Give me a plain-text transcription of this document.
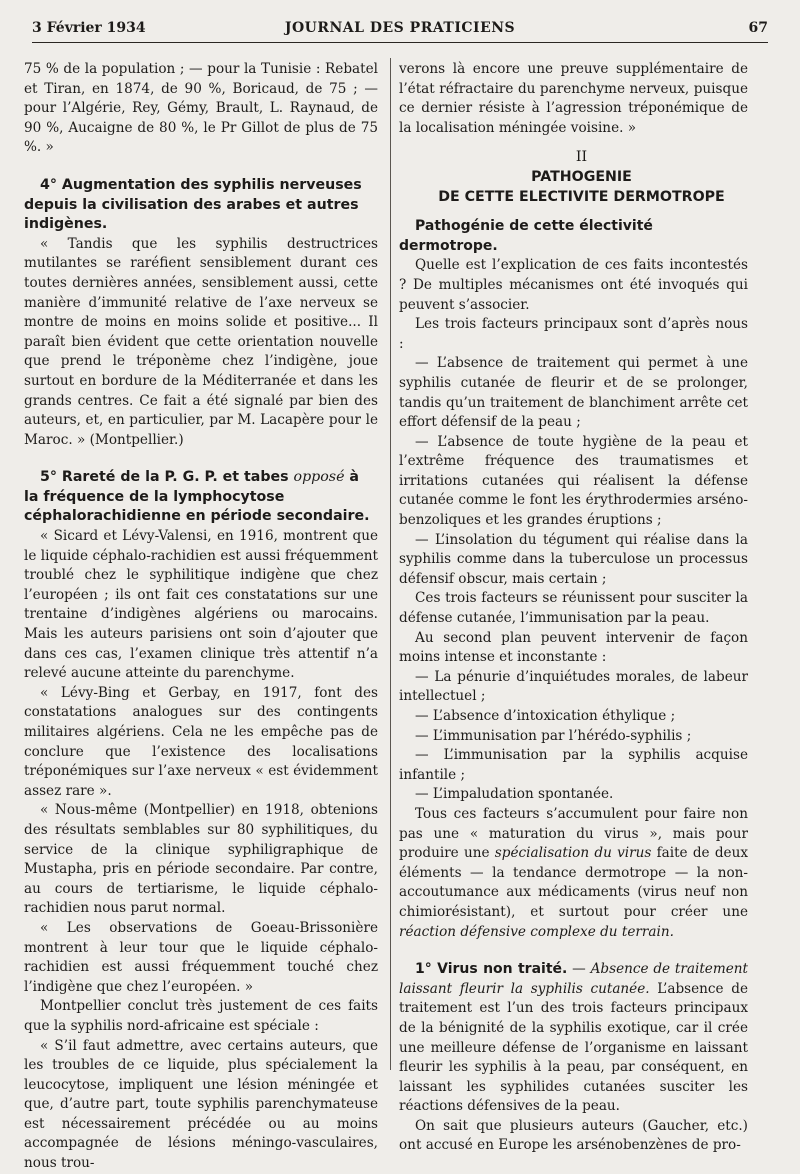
3 Février 1934	JOURNAL DES PRATICIENS	67

75 % de la population ; — pour la Tunisie : Rebatel et Tiran, en 1874, de 90 %, Boricaud, de 75 ; — pour l’Algérie, Rey, Gémy, Brault, L. Raynaud, de 90 %, Aucaigne de 80 %, le Pr Gillot de plus de 75 %. »

4° Augmentation des syphilis nerveuses depuis la civilisation des arabes et autres indigènes.

« Tandis que les syphilis destructrices mutilantes se raréfient sensiblement durant ces toutes dernières années, sensiblement aussi, cette manière d’immunité relative de l’axe nerveux se montre de moins en moins solide et positive... Il paraît bien évident que cette orientation nouvelle que prend le tréponème chez l’indigène, joue surtout en bordure de la Méditerranée et dans les grands centres. Ce fait a été signalé par bien des auteurs, et, en particulier, par M. Lacapère pour le Maroc. » (Montpellier.)

5° Rareté de la P. G. P. et tabes opposé à la fréquence de la lymphocytose céphalorachidienne en période secondaire.

« Sicard et Lévy-Valensi, en 1916, montrent que le liquide céphalo-rachidien est aussi fréquemment troublé chez le syphilitique indigène que chez l’européen ; ils ont fait ces constatations sur une trentaine d’indigènes algériens ou marocains. Mais les auteurs parisiens ont soin d’ajouter que dans ces cas, l’examen clinique très attentif n’a relevé aucune atteinte du parenchyme.

« Lévy-Bing et Gerbay, en 1917, font des constatations analogues sur des contingents militaires algériens. Cela ne les empêche pas de conclure que l’existence des localisations tréponémiques sur l’axe nerveux « est évidemment assez rare ».

« Nous-même (Montpellier) en 1918, obtenions des résultats semblables sur 80 syphilitiques, du service de la clinique syphiligraphique de Mustapha, pris en période secondaire. Par contre, au cours de tertiarisme, le liquide céphalo-rachidien nous parut normal.

« Les observations de Goeau-Brissonière montrent à leur tour que le liquide céphalo-rachidien est aussi fréquemment touché chez l’indigène que chez l’européen. »

Montpellier conclut très justement de ces faits que la syphilis nord-africaine est spéciale :

« S’il faut admettre, avec certains auteurs, que les troubles de ce liquide, plus spécialement la leucocytose, impliquent une lésion méningée et que, d’autre part, toute syphilis parenchymateuse est nécessairement précédée ou au moins accompagnée de lésions méningo-vasculaires, nous trou-

verons là encore une preuve supplémentaire de l’état réfractaire du parenchyme nerveux, puisque ce dernier résiste à l’agression tréponémique de la localisation méningée voisine. »

II

PATHOGENIE

DE CETTE ELECTIVITE DERMOTROPE

Pathogénie de cette électivité dermotrope.

Quelle est l’explication de ces faits incontestés ? De multiples mécanismes ont été invoqués qui peuvent s’associer.

Les trois facteurs principaux sont d’après nous :

— L’absence de traitement qui permet à une syphilis cutanée de fleurir et de se prolonger, tandis qu’un traitement de blanchiment arrête cet effort défensif de la peau ;

— L’absence de toute hygiène de la peau et l’extrême fréquence des traumatismes et irritations cutanées qui réalisent la défense cutanée comme le font les érythrodermies arséno-benzoliques et les grandes éruptions ;

— L’insolation du tégument qui réalise dans la syphilis comme dans la tuberculose un processus défensif obscur, mais certain ;

Ces trois facteurs se réunissent pour susciter la défense cutanée, l’immunisation par la peau.

Au second plan peuvent intervenir de façon moins intense et inconstante :

— La pénurie d’inquiétudes morales, de labeur intellectuel ;

— L’absence d’intoxication éthylique ;

— L’immunisation par l’hérédo-syphilis ;

— L’immunisation par la syphilis acquise infantile ;

— L’impaludation spontanée.

Tous ces facteurs s’accumulent pour faire non pas une « maturation du virus », mais pour produire une spécialisation du virus faite de deux éléments — la tendance dermotrope — la non-accoutumance aux médicaments (virus neuf non chimiorésistant), et surtout pour créer une réaction défensive complexe du terrain.

1° Virus non traité. — Absence de traitement laissant fleurir la syphilis cutanée. L’absence de traitement est l’un des trois facteurs principaux de la bénignité de la syphilis exotique, car il crée une meilleure défense de l’organisme en laissant fleurir les syphilis à la peau, par conséquent, en laissant les syphilides cutanées susciter les réactions défensives de la peau.

On sait que plusieurs auteurs (Gaucher, etc.) ont accusé en Europe les arsénobenzènes de pro-
